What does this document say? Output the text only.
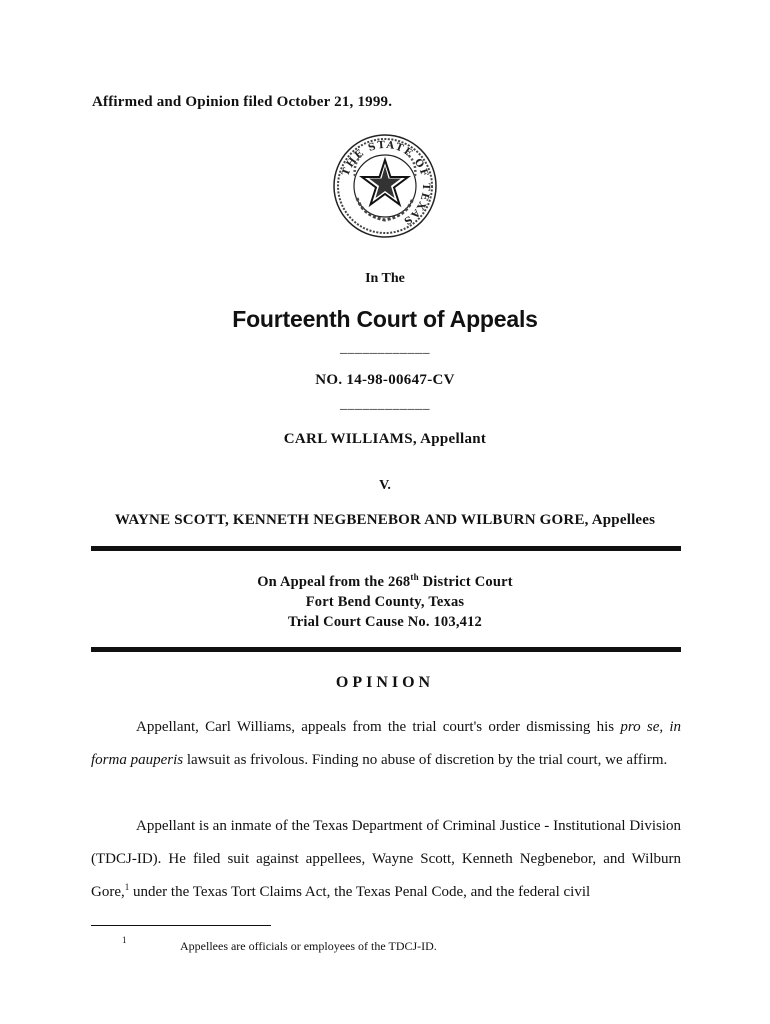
Affirmed and Opinion filed October 21, 1999.
THE STATE OF TEXAS
In The
Fourteenth Court of Appeals
____________
NO. 14-98-00647-CV
____________
CARL WILLIAMS, Appellant
V.
WAYNE SCOTT, KENNETH NEGBENEBOR AND WILBURN GORE, Appellees
On Appeal from the 268th District Court
Fort Bend County, Texas
Trial Court Cause No. 103,412
OPINION
Appellant, Carl Williams, appeals from the trial court's order dismissing his pro se, in forma pauperis lawsuit as frivolous. Finding no abuse of discretion by the trial court, we affirm.
Appellant is an inmate of the Texas Department of Criminal Justice - Institutional Division (TDCJ-ID). He filed suit against appellees, Wayne Scott, Kenneth Negbenebor, and Wilburn Gore,$^1$ under the Texas Tort Claims Act, the Texas Penal Code, and the federal civil
1	Appellees are officials or employees of the TDCJ-ID.
